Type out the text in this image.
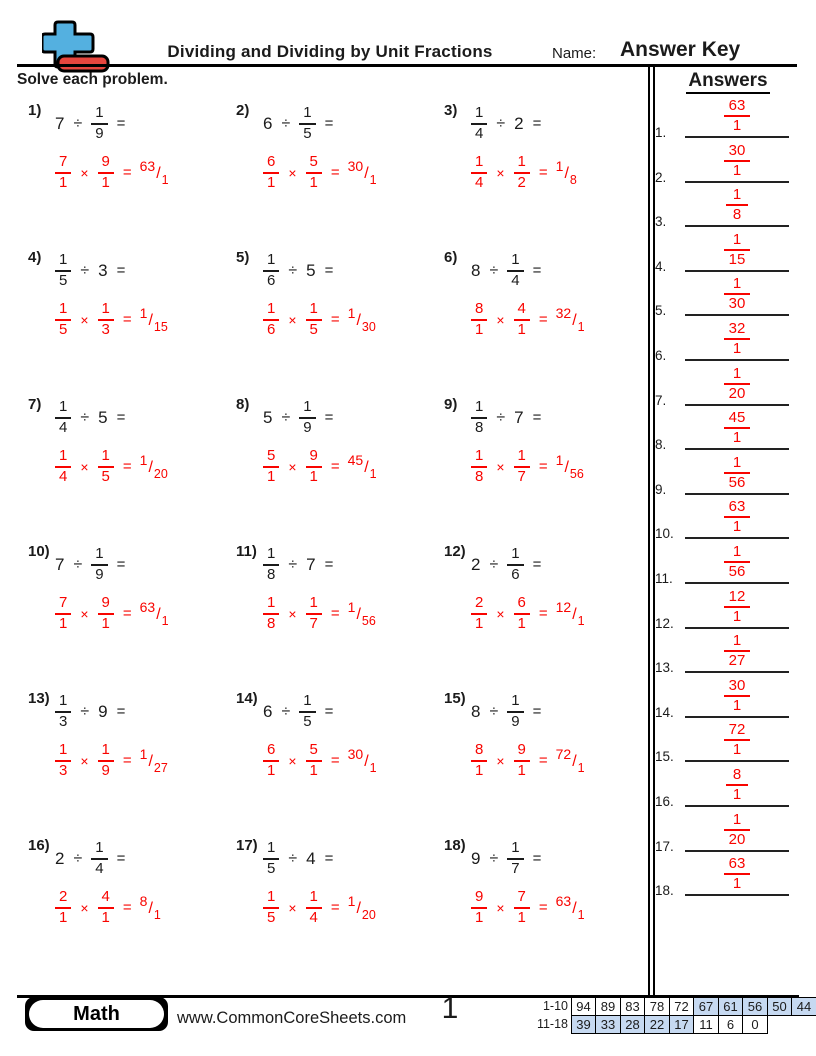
Dividing and Dividing by Unit Fractions	Name: Answer Key
Solve each problem.	Answers
1)
$7 \div \frac{1}{9}$ =
$\frac{7}{1} \times \frac{9}{1} = 63 / 1$
2)
$6 \div \frac{1}{5}$ =
$\frac{6}{1} \times \frac{5}{1} = 30 / 1$
$3) \frac{1}{4} \div 2$ =
$\frac{1}{4} \times \frac{1}{2} = 1 / 8$
$4) \frac{1}{5} \div 3$ =
$\frac{1}{5} \times \frac{1}{3} = 1 / 15$
$5) \frac{1}{6} \div 5$ =
$\frac{1}{6} \times \frac{1}{5} = 1 / 30$
6)
$8 \div \frac{1}{4}$ =
$\frac{8}{1} \times \frac{4}{1} = 32 / 1$
$7) \frac{1}{4} \div 5$ =
$\frac{1}{4} \times \frac{1}{5} = 1 / 20$
8)
$5 \div \frac{1}{9}$ =
$\frac{5}{1} \times \frac{9}{1} = 45 / 1$
$9) \frac{1}{8} \div 7$ =
$\frac{1}{8} \times \frac{1}{7} = 1 / 56$
10)
$7 \div \frac{1}{9}$ =
$\frac{7}{1} \times \frac{9}{1} = 63 / 1$
$11) \frac{1}{8} \div 7$ =
$\frac{1}{8} \times \frac{1}{7} = 1 / 56$
12)
$2 \div \frac{1}{6}$ =
$\frac{2}{1} \times \frac{6}{1} = 12 / 1$
$13) \frac{1}{3} \div 9$ =
$\frac{1}{3} \times \frac{1}{9} = 1 / 27$
14)
$6 \div \frac{1}{5}$ =
$\frac{6}{1} \times \frac{5}{1} = 30 / 1$
15)
$8 \div \frac{1}{9}$ =
$\frac{8}{1} \times \frac{9}{1} = 72 / 1$
16)
$2 \div \frac{1}{4}$ =
$\frac{2}{1} \times \frac{4}{1} = 8 / 1$
$17) \frac{1}{5} \div 4$ =
$\frac{1}{5} \times \frac{1}{4} = 1 / 20$
18)
$9 \div \frac{1}{7}$ =
$\frac{9}{1} \times \frac{7}{1} = 63 / 1$
1.	$\frac{63}{1}$
2.	$\frac{30}{1}$
3.	$\frac{1}{8}$
4.	$\frac{1}{15}$
5.	$\frac{1}{30}$
6.	$\frac{32}{1}$
7.	$\frac{1}{20}$
8.	$\frac{45}{1}$
9.	$\frac{1}{56}$
10.	$\frac{63}{1}$
11.	$\frac{1}{56}$
12.	$\frac{12}{1}$
13.	$\frac{1}{27}$
14.	$\frac{30}{1}$
15.	$\frac{72}{1}$
16.	$\frac{8}{1}$
17.	$\frac{1}{20}$
18.	$\frac{63}{1}$
Math	www.CommonCoreSheets.com	1	1-10 94 89 83 78 72 67 61 56 50 44
11-18 39 33 28 22 17 11	6	0
